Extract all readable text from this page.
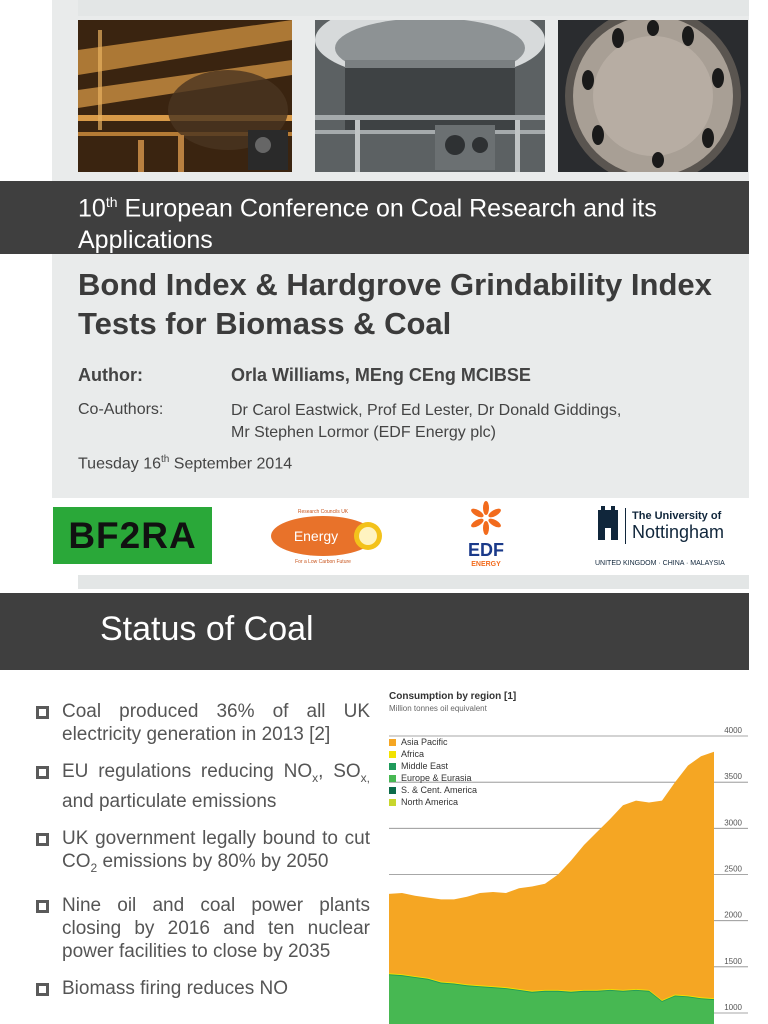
10th European Conference on Coal Research and its Applications
Bond Index & Hardgrove Grindability Index Tests for Biomass & Coal
Author:	Orla Williams, MEng CEng MCIBSE
Co-Authors:	Dr Carol Eastwick, Prof Ed Lester, Dr Donald Giddings,
Mr Stephen Lormor (EDF Energy plc)
Tuesday 16th September 2014
BF2RA	Energy
Research Councils UK
For a Low Carbon Future
EDF
ENERGY
The University of
Nottingham
UNITED KINGDOM · CHINA · MALAYSIA
Status of Coal
Coal produced 36% of all UK electricity generation in 2013 [2]
EU regulations reducing $NO_x$, $SO_{x,}$ and particulate emissions
UK government legally bound to cut $CO_2$ emissions by 80% by 2050
Nine oil and coal power plants closing by 2016 and ten nuclear power facilities to close by 2035
Biomass firing reduces NO
4000
3500
3000
2500
2000
1500
1000
Consumption by region [1]
Million tonnes oil equivalent
Asia Pacific
Africa
Middle East
Europe & Eurasia
S. & Cent. America
North America
